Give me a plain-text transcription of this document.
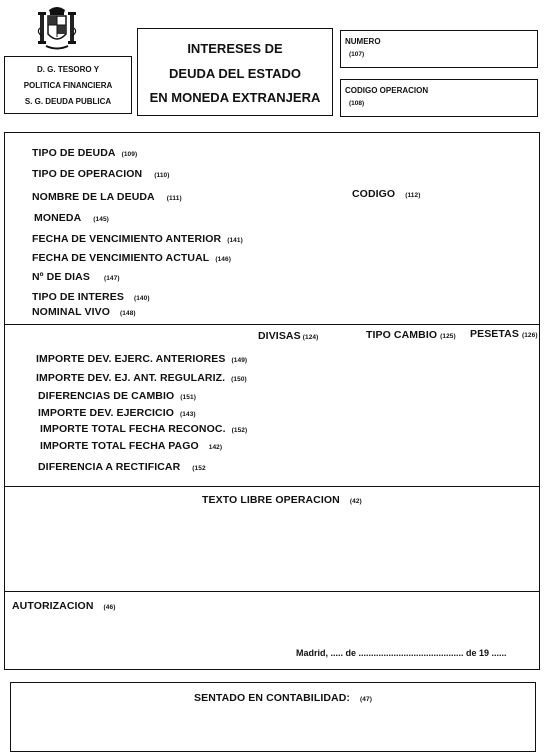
D. G. TESORO Y
POLITICA FINANCIERA
S. G. DEUDA PUBLICA
INTERESES DE
DEUDA DEL ESTADO
EN MONEDA EXTRANJERA
NUMERO
(107)
CODIGO OPERACION
(108)
TIPO DE DEUDA (109)
TIPO DE OPERACION (110)
NOMBRE DE LA DEUDA (111)
MONEDA (145)
FECHA DE VENCIMIENTO ANTERIOR (141)
FECHA DE VENCIMIENTO ACTUAL (146)
Nº DE DIAS (147)
TIPO DE INTERES (140)
NOMINAL VIVO (148)
CODIGO (112)
DIVISAS (124)	TIPO CAMBIO (125) PESETAS (126)
IMPORTE DEV. EJERC. ANTERIORES (149)
IMPORTE DEV. EJ. ANT. REGULARIZ. (150)
DIFERENCIAS DE CAMBIO (151)
IMPORTE DEV. EJERCICIO (143)
IMPORTE TOTAL FECHA RECONOC. (152)
IMPORTE TOTAL FECHA PAGO 142)
DIFERENCIA A RECTIFICAR (152
TEXTO LIBRE OPERACION (42)
AUTORIZACION (46)
Madrid, ..... de .......................................... de 19 ......
SENTADO EN CONTABILIDAD: (47)
